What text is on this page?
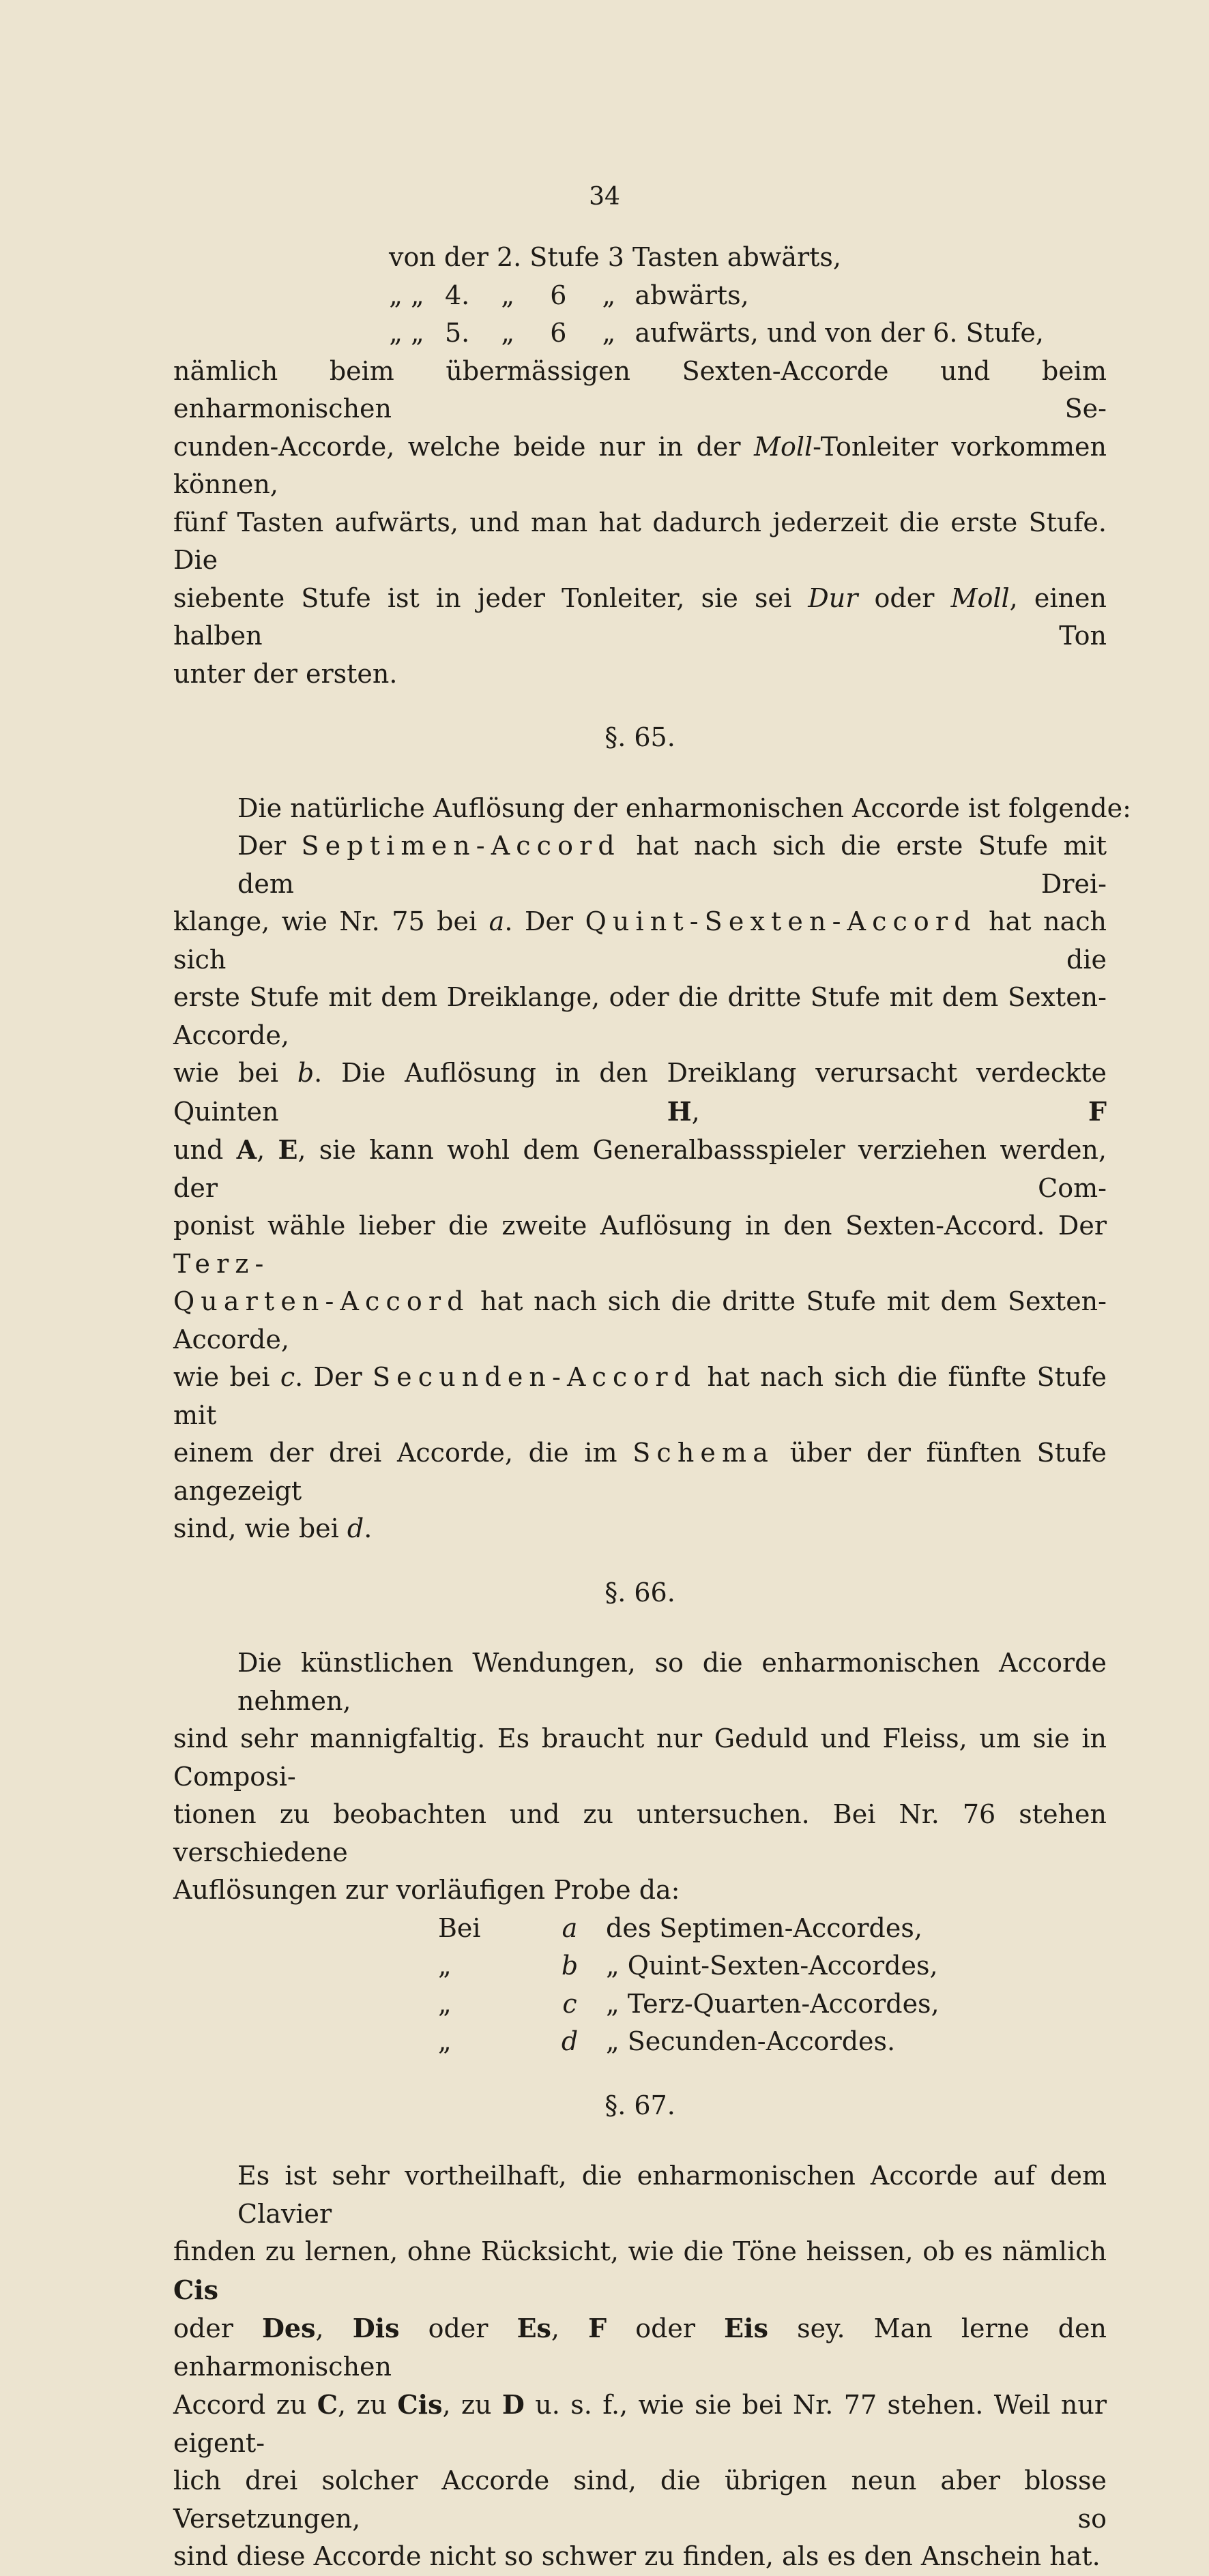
34
von der 2. Stufe 3 Tasten abwärts,
„ „ 4. „ 6 „ abwärts,
„ „ 5. „ 6 „ aufwärts, und von der 6. Stufe,
nämlich beim übermässigen Sexten-Accorde und beim enharmonischen Se-
cunden-Accorde, welche beide nur in der Moll-Tonleiter vorkommen können,
fünf Tasten aufwärts, und man hat dadurch jederzeit die erste Stufe. Die
siebente Stufe ist in jeder Tonleiter, sie sei Dur oder Moll, einen halben Ton
unter der ersten.
§. 65.
Die natürliche Auflösung der enharmonischen Accorde ist folgende:
Der Septimen-Accord hat nach sich die erste Stufe mit dem Drei-
klange, wie Nr. 75 bei a. Der Quint-Sexten-Accord hat nach sich die
erste Stufe mit dem Dreiklange, oder die dritte Stufe mit dem Sexten-Accorde,
wie bei b. Die Auflösung in den Dreiklang verursacht verdeckte Quinten H, F
und A, E, sie kann wohl dem Generalbassspieler verziehen werden, der Com-
ponist wähle lieber die zweite Auflösung in den Sexten-Accord. Der Terz-
Quarten-Accord hat nach sich die dritte Stufe mit dem Sexten-Accorde,
wie bei c. Der Secunden-Accord hat nach sich die fünfte Stufe mit
einem der drei Accorde, die im Schema über der fünften Stufe angezeigt
sind, wie bei d.
§. 66.
Die künstlichen Wendungen, so die enharmonischen Accorde nehmen,
sind sehr mannigfaltig. Es braucht nur Geduld und Fleiss, um sie in Composi-
tionen zu beobachten und zu untersuchen. Bei Nr. 76 stehen verschiedene
Auflösungen zur vorläufigen Probe da:
Bei	a	des Septimen-Accordes,
„	b	„ Quint-Sexten-Accordes,
„	c	„ Terz-Quarten-Accordes,
„	d	„ Secunden-Accordes.
§. 67.
Es ist sehr vortheilhaft, die enharmonischen Accorde auf dem Clavier
finden zu lernen, ohne Rücksicht, wie die Töne heissen, ob es nämlich Cis
oder Des, Dis oder Es, F oder Eis sey. Man lerne den enharmonischen
Accord zu C, zu Cis, zu D u. s. f., wie sie bei Nr. 77 stehen. Weil nur eigent-
lich drei solcher Accorde sind, die übrigen neun aber blosse Versetzungen, so
sind diese Accorde nicht so schwer zu finden, als es den Anschein hat.
